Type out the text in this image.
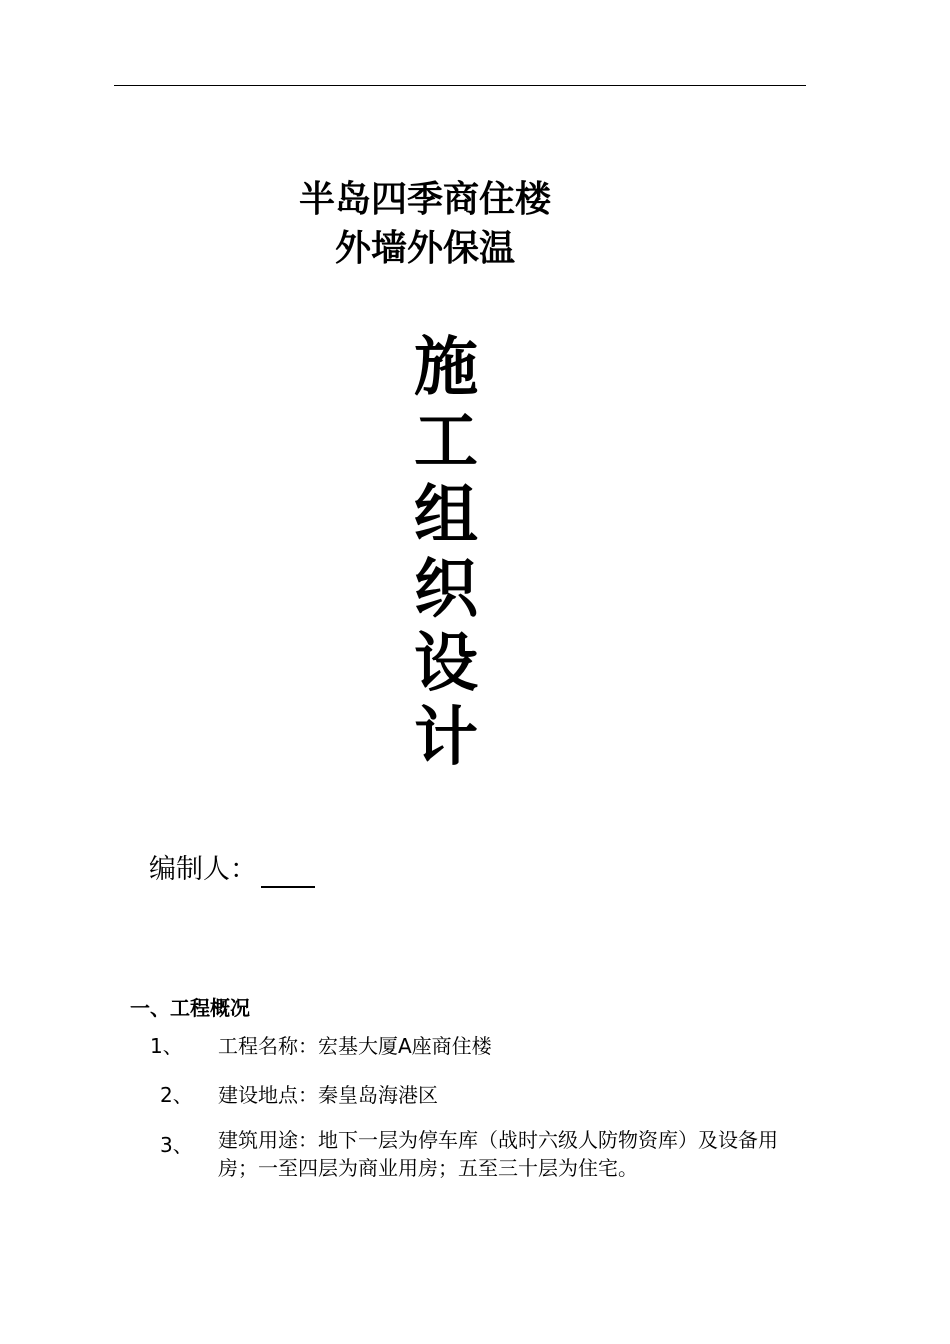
半岛四季商住楼
外墙外保温
施
工
组
织
设
计
编制人：
一、工程概况
1、 工程名称：宏基大厦A座商住楼
2、 建设地点：秦皇岛海港区
3、 建筑用途：地下一层为停车库（战时六级人防物资库）及设备用房；一至四层为商业用房；五至三十层为住宅。
